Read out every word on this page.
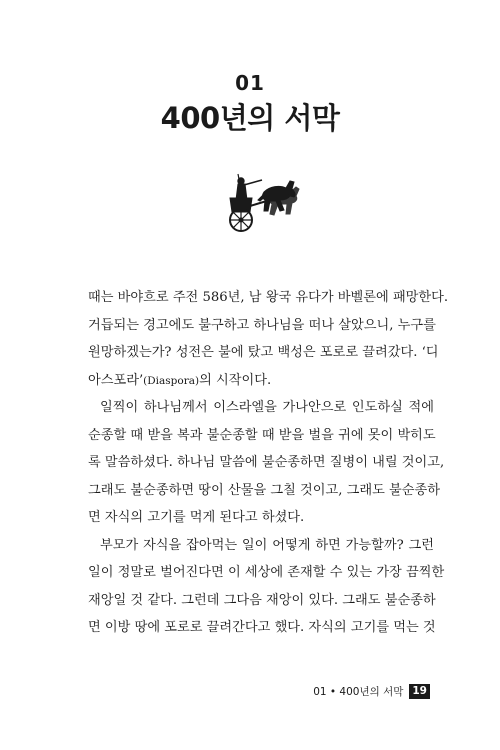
01
400년의 서막
때는 바야흐로 주전 586년, 남 왕국 유다가 바벨론에 패망한다.
거듭되는 경고에도 불구하고 하나님을 떠나 살았으니, 누구를
원망하겠는가? 성전은 불에 탔고 백성은 포로로 끌려갔다. ‘디
아스포라’(Diaspora)의 시작이다.
일찍이 하나님께서 이스라엘을 가나안으로 인도하실 적에
순종할 때 받을 복과 불순종할 때 받을 벌을 귀에 못이 박히도
록 말씀하셨다. 하나님 말씀에 불순종하면 질병이 내릴 것이고,
그래도 불순종하면 땅이 산물을 그칠 것이고, 그래도 불순종하
면 자식의 고기를 먹게 된다고 하셨다.
부모가 자식을 잡아먹는 일이 어떻게 하면 가능할까? 그런
일이 정말로 벌어진다면 이 세상에 존재할 수 있는 가장 끔찍한
재앙일 것 같다. 그런데 그다음 재앙이 있다. 그래도 불순종하
면 이방 땅에 포로로 끌려간다고 했다. 자식의 고기를 먹는 것
01 • 400년의 서막 19
